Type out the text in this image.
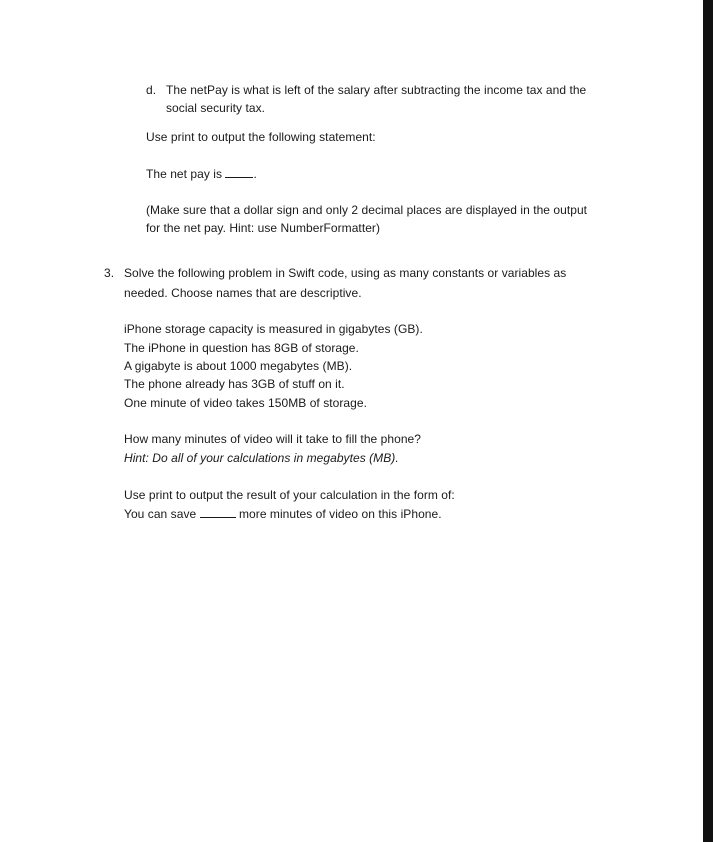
d. The netPay is what is left of the salary after subtracting the income tax and the
social security tax.
Use print to output the following statement:
The net pay is	.
(Make sure that a dollar sign and only 2 decimal places are displayed in the output
for the net pay. Hint: use NumberFormatter)
3. Solve the following problem in Swift code, using as many constants or variables as
needed. Choose names that are descriptive.
iPhone storage capacity is measured in gigabytes (GB).
The iPhone in question has 8GB of storage.
A gigabyte is about 1000 megabytes (MB).
The phone already has 3GB of stuff on it.
One minute of video takes 150MB of storage.
How many minutes of video will it take to fill the phone?
Hint: Do all of your calculations in megabytes (MB).
Use print to output the result of your calculation in the form of:
You can save	more minutes of video on this iPhone.
